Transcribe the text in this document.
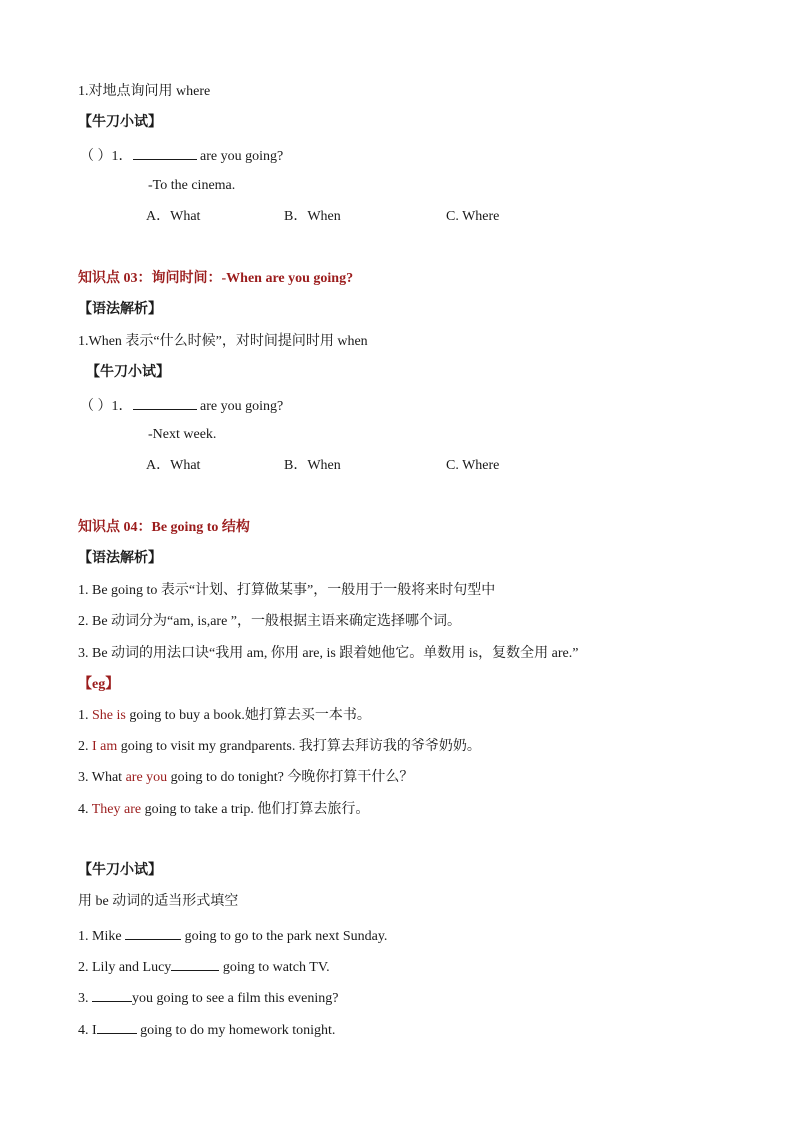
1.对地点询问用 where
【牛刀小试】
（ ）1．	are you going?
-To the cinema.
A．What	B．When	C. Where
知识点 03：询问时间：-When are you going?
【语法解析】
1.When 表示“什么时候”，对时间提问时用 when
【牛刀小试】
（ ）1．	are you going?
-Next week.
A．What	B．When	C. Where
知识点 04：Be going to 结构
【语法解析】
1. Be going to 表示“计划、打算做某事”，一般用于一般将来时句型中
2. Be 动词分为“am, is,are ”，一般根据主语来确定选择哪个词。
3. Be 动词的用法口诀“我用 am, 你用 are, is 跟着她他它。单数用 is，复数全用 are.”
【eg】
1. She is going to buy a book.她打算去买一本书。
2. I am going to visit my grandparents. 我打算去拜访我的爷爷奶奶。
3. What are you going to do tonight? 今晚你打算干什么？
4. They are going to take a trip. 他们打算去旅行。
【牛刀小试】
用 be 动词的适当形式填空
1. Mike	going to go to the park next Sunday.
2. Lily and Lucy	going to watch TV.
3.	you going to see a film this evening?
4. I	going to do my homework tonight.
